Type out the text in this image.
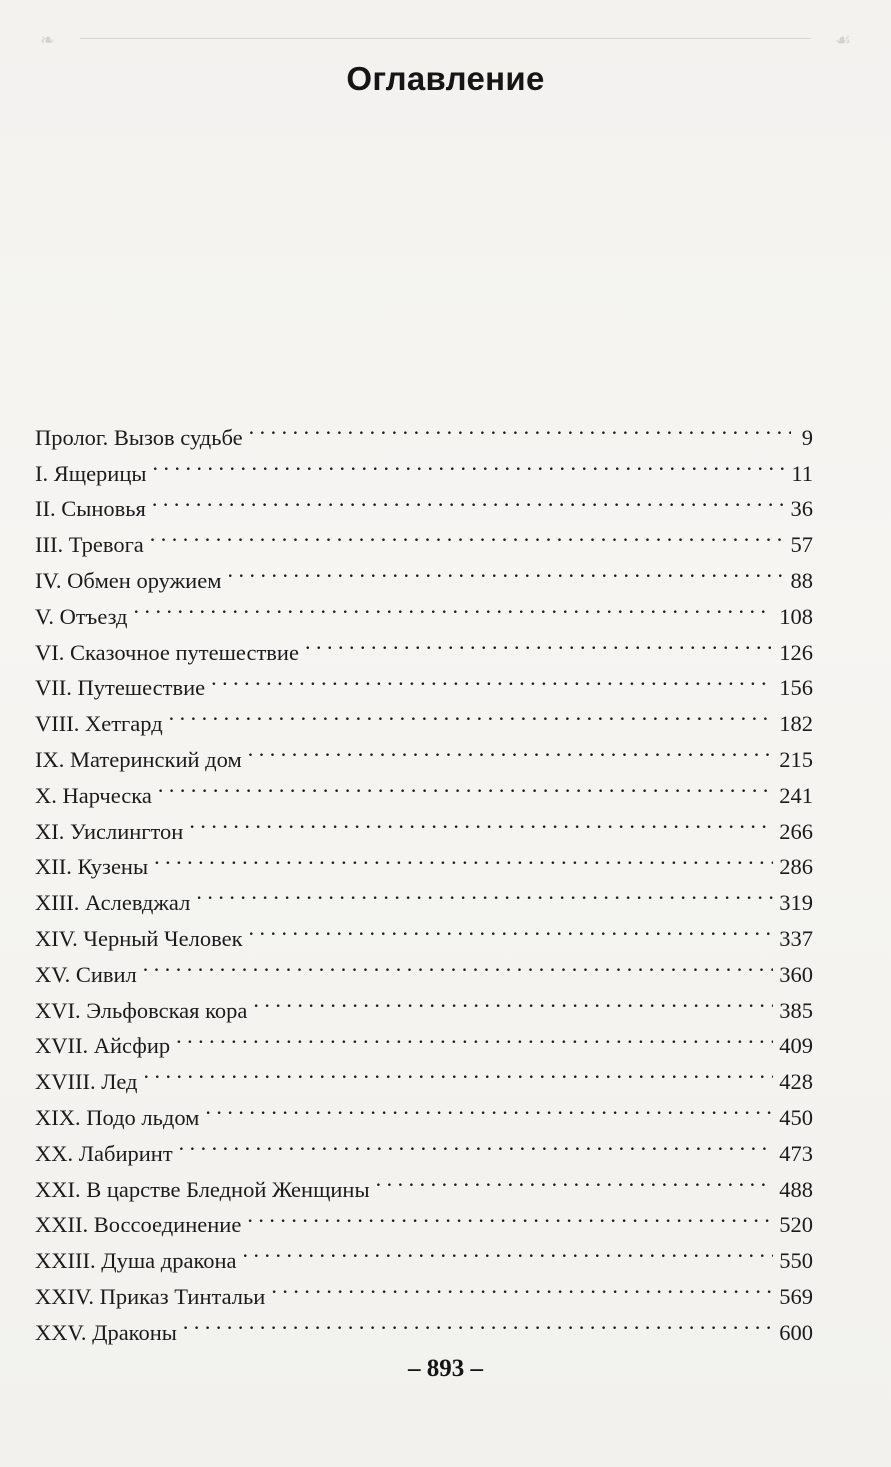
❧	☙
Оглавление
Пролог. Вызов судьбе . . .	9
I. Ящерицы . . .	11
II. Сыновья . . .	36
III. Тревога . . .	57
IV. Обмен оружием . . .	88
V. Отъезд . . .	108
VI. Сказочное путешествие . . .	126
VII. Путешествие . . .	156
VIII. Хетгард . . .	182
IX. Материнский дом . . .	215
X. Нарческа . . .	241
XI. Уислингтон . . .	266
XII. Кузены . . .	286
XIII. Аслевджал . . .	319
XIV. Черный Человек . . .	337
XV. Сивил . . .	360
XVI. Эльфовская кора . . .	385
XVII. Айсфир . . .	409
XVIII. Лед . . .	428
XIX. Подо льдом . . .	450
XX. Лабиринт . . .	473
XXI. В царстве Бледной Женщины . . .	488
XXII. Воссоединение . . .	520
XXIII. Душа дракона . . .	550
XXIV. Приказ Тинтальи . . .	569
XXV. Драконы . . .	600
– 893 –
